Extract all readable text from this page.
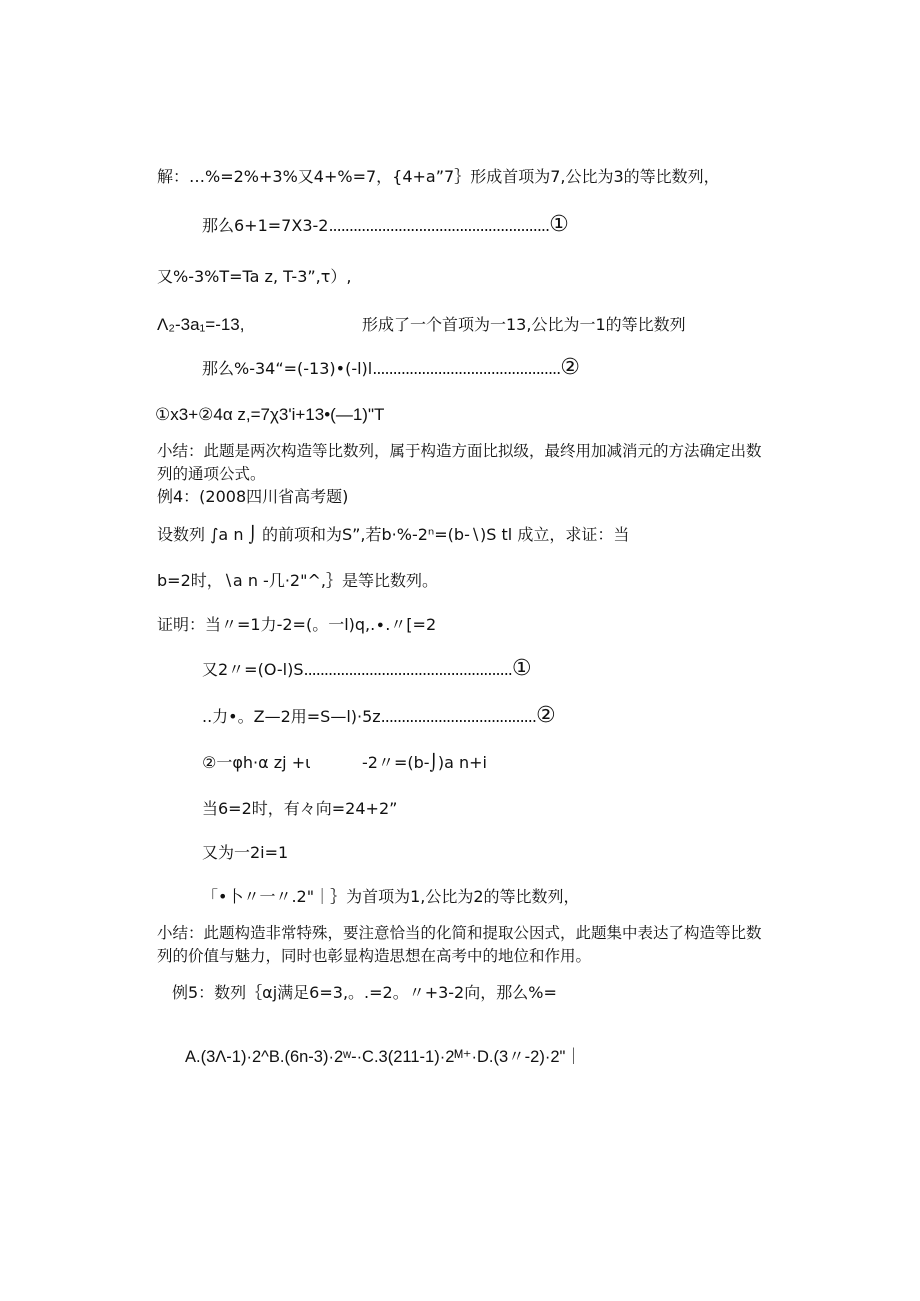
解：…%=2%+3%又4+%=7，{4+a”7｝形成首项为7,公比为3的等比数列，
那么6+1=7X3-2......................................................①
又%-3%T=Ta z, T-3”,τ）,
Λ₂-3a₁=-13,	形成了一个首项为一13,公比为一1的等比数列
那么%-34“=(-13)•(-l)l..............................................②
①x3+②4α z,=7χ3'i+13•(—1)"T
小结：此题是两次构造等比数列，属于构造方面比拟级，最终用加减消元的方法确定出数列的通项公式。
例4：(2008四川省高考题)
设数列 ∫a n ⌡ 的前项和为S”,若b·%-2ⁿ=(b-∖)S tl 成立，求证：当
b=2时，∖a n -几·2"^,｝是等比数列。
证明：当〃=1力-2=(。一l)q,.∙.〃[=2
又2〃=(O-l)S...................................................①
..力•。Z—2用=S—l)·5z......................................②
②一φh·α zj +ι	-2〃=(b-⌡)a n+i
当6=2时，有々向=24+2”
又为一2i=1
「•卜〃一〃.2"｜｝为首项为1,公比为2的等比数列，
小结：此题构造非常特殊，要注意恰当的化简和提取公因式，此题集中表达了构造等比数列的价值与魅力，同时也彰显构造思想在高考中的地位和作用。
例5：数列｛αj满足6=3,。.=2。〃+3-2向，那么%=
A.(3Λ-1)·2^B.(6n-3)·2ʷ-·C.3(211-1)·2ᴹ⁺·D.(3〃-2)·2"｜
